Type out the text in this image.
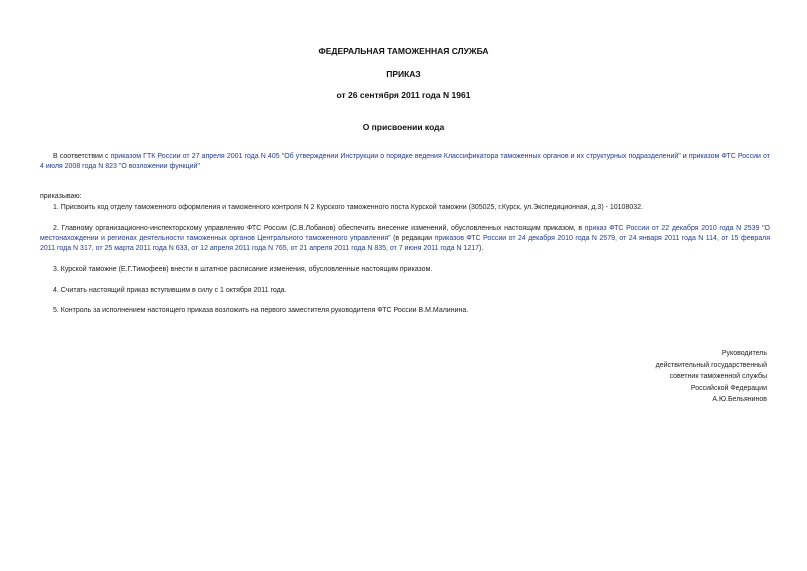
ФЕДЕРАЛЬНАЯ ТАМОЖЕННАЯ СЛУЖБА
ПРИКАЗ
от 26 сентября 2011 года N 1961
О присвоении кода
В соответствии с приказом ГТК России от 27 апреля 2001 года N 405 "Об утверждении Инструкции о порядке ведения Классификатора таможенных органов и их структурных подразделений" и приказом ФТС России от 4 июля 2008 года N 823 "О возложении функций"
приказываю:
1. Присвоить код отделу таможенного оформления и таможенного контроля N 2 Курского таможенного поста Курской таможни (305025, г.Курск, ул.Экспедиционная, д.3) - 10108032.
2. Главному организационно-инспекторскому управлению ФТС России (С.В.Лобанов) обеспечить внесение изменений, обусловленных настоящим приказом, в приказ ФТС России от 22 декабря 2010 года N 2539 "О местонахождении и регионах деятельности таможенных органов Центрального таможенного управления" (в редакции приказов ФТС России от 24 декабря 2010 года N 2579, от 24 января 2011 года N 114, от 15 февраля 2011 года N 317, от 25 марта 2011 года N 633, от 12 апреля 2011 года N 765, от 21 апреля 2011 года N 835, от 7 июня 2011 года N 1217).
3. Курской таможне (Е.Г.Тимофеев) внести в штатное расписание изменения, обусловленные настоящим приказом.
4. Считать настоящий приказ вступившим в силу с 1 октября 2011 года.
5. Контроль за исполнением настоящего приказа возложить на первого заместителя руководителя ФТС России В.М.Малинина.
Руководитель
действительный государственный
советник таможенной службы
Российской Федерации
А.Ю.Бельянинов
